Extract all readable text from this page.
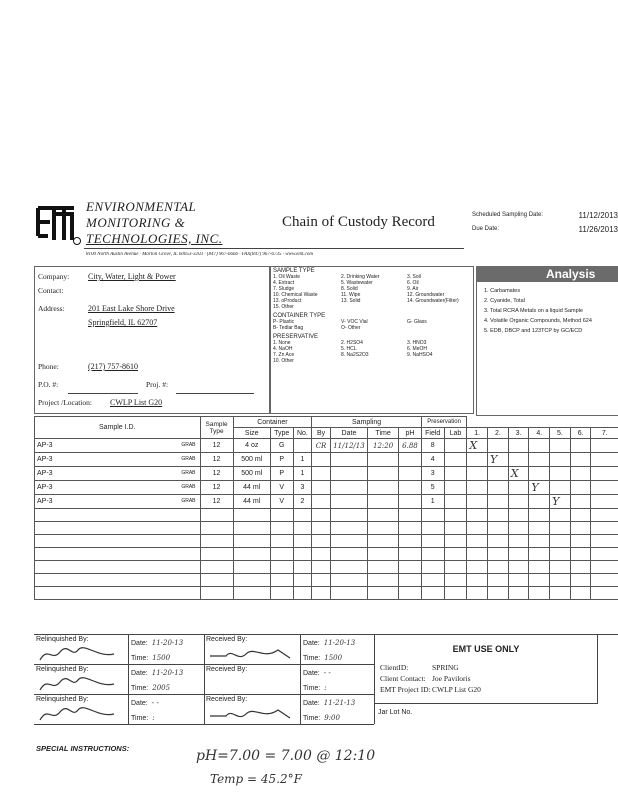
ENVIRONMENTAL
MONITORING &
TECHNOLOGIES, INC.
8100 North Austin Avenue · Morton Grove, IL 60053-3203 · (847) 967-6666 · FAX(847) 967-6735 · www.emt.com
Chain of Custody Record	Scheduled Sampling Date:	11/12/2013
Due Date:	11/26/2013
Company:	City, Water, Light & Power
Contact:
Address:	201 East Lake Shore Drive
Springfield, IL 62707
Phone:	(217) 757-8610
P.O. #:	Proj. #:
Project /Location:	CWLP List G20
SAMPLE TYPE
1. Oil Waste	2. Drinking Water	3. Soil
4. Extract	5. Wastewater	6. Oil
7. Sludge	8. Solid	9. Air
10. Chemical Waste	11. Wipe	12. Groundwater
13. oProduct	13. Solid	14. Groundwater(Filter)
15. Other
CONTAINER TYPE
P- Plastic	V- VOC Vial	G- Glass
B- Tedlar Bag	O- Other
PRESERVATIVE
1. None	2. H2SO4	3. HNO3
4. NaOH	5. HCL	6. MeOH
7. Zn Ace	8. Na2S2O3	9. NaHSO4
10. Other
Analysis
1. Carbamates
2. Cyanide, Total
3. Total RCRA Metals on a liquid Sample
4. Volatile Organic Compounds, Method 624
5. EDB, DBCP and 123TCP by GC/ECD
Sample I.D.	Sample Type	Container			Sampling				Preservation								
		Size	Type	No.	By	Date	Time	pH	Field	Lab	1.	2.	3.	4.	5.	6.	7.
AP-3 GRAB	12	4 oz	G		CR	11/12/13	12:20	6.88	8		X						
AP-3 GRAB	12	500 ml	P	1					4			Y					
AP-3 GRAB	12	500 ml	P	1					3				X				
AP-3 GRAB	12	44 ml	V	3					5					Y			
AP-3 GRAB	12	44 ml	V	2					1						Y		

Relinquished By:
Date: 11-20-13
Time: 1500
Received By:
Date: 11-20-13
Time: 1500
Relinquished By:
Date: 11-20-13
Time: 2005
Received By:
Date: - -
Time: :
Relinquished By:
Date: - -
Time: :
Received By:
Date: 11-21-13
Time: 9:00
EMT USE ONLY
ClientID:	SPRING
Client Contact: Joe Paviloris
EMT Project ID: CWLP List G20
Jar Lot No.
SPECIAL INSTRUCTIONS:	pH=7.00 = 7.00 @ 12:10
Temp = 45.2°F
